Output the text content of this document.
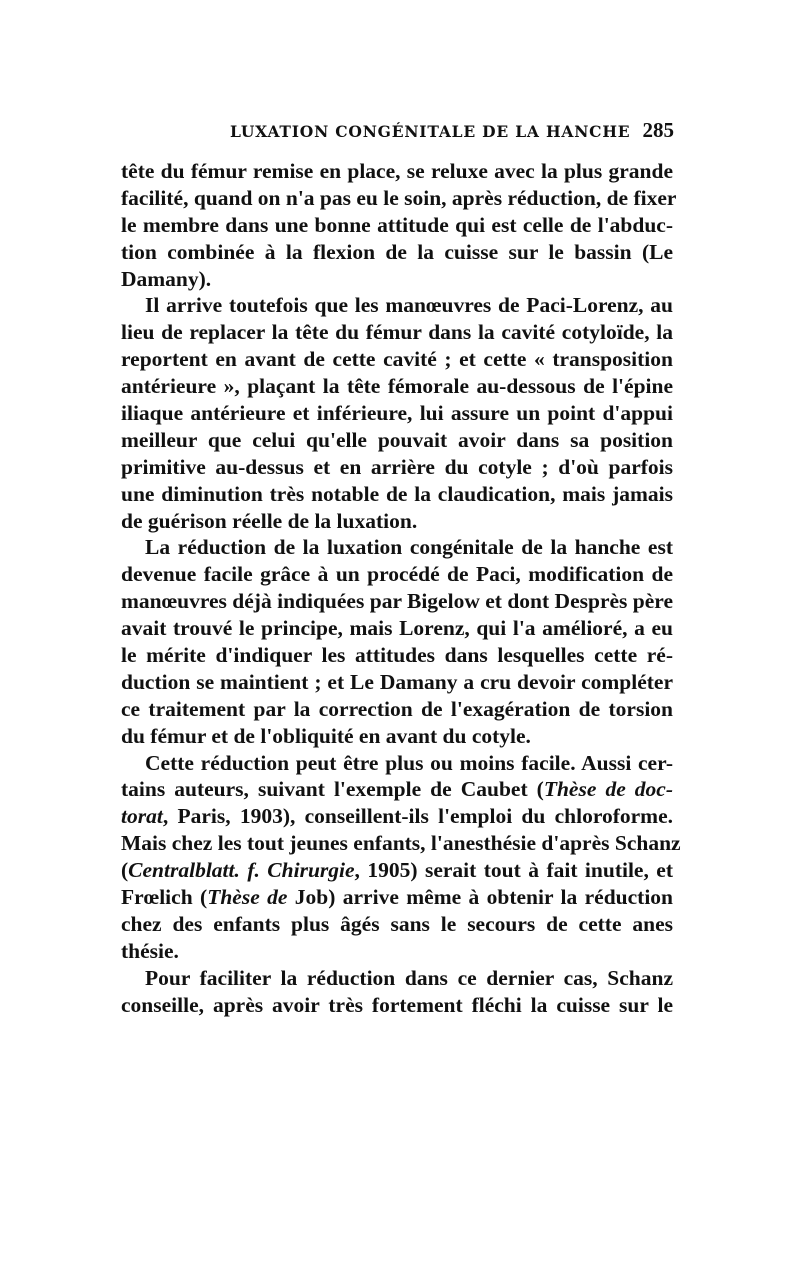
LUXATION CONGÉNITALE DE LA HANCHE 285
tête du fémur remise en place, se reluxe avec la plus grande
facilité, quand on n'a pas eu le soin, après réduction, de fixer
le membre dans une bonne attitude qui est celle de l'abduc-
tion combinée à la flexion de la cuisse sur le bassin (Le
Damany).
Il arrive toutefois que les manœuvres de Paci-Lorenz, au
lieu de replacer la tête du fémur dans la cavité cotyloïde, la
reportent en avant de cette cavité ; et cette « transposition
antérieure », plaçant la tête fémorale au-dessous de l'épine
iliaque antérieure et inférieure, lui assure un point d'appui
meilleur que celui qu'elle pouvait avoir dans sa position
primitive au-dessus et en arrière du cotyle ; d'où parfois
une diminution très notable de la claudication, mais jamais
de guérison réelle de la luxation.
La réduction de la luxation congénitale de la hanche est
devenue facile grâce à un procédé de Paci, modification de
manœuvres déjà indiquées par Bigelow et dont Desprès père
avait trouvé le principe, mais Lorenz, qui l'a amélioré, a eu
le mérite d'indiquer les attitudes dans lesquelles cette ré-
duction se maintient ; et Le Damany a cru devoir compléter
ce traitement par la correction de l'exagération de torsion
du fémur et de l'obliquité en avant du cotyle.
Cette réduction peut être plus ou moins facile. Aussi cer-
tains auteurs, suivant l'exemple de Caubet (Thèse de doc-
torat, Paris, 1903), conseillent-ils l'emploi du chloroforme.
Mais chez les tout jeunes enfants, l'anesthésie d'après Schanz
(Centralblatt. f. Chirurgie, 1905) serait tout à fait inutile, et
Frœlich (Thèse de Job) arrive même à obtenir la réduction
chez des enfants plus âgés sans le secours de cette anes
thésie.
Pour faciliter la réduction dans ce dernier cas, Schanz
conseille, après avoir très fortement fléchi la cuisse sur le
